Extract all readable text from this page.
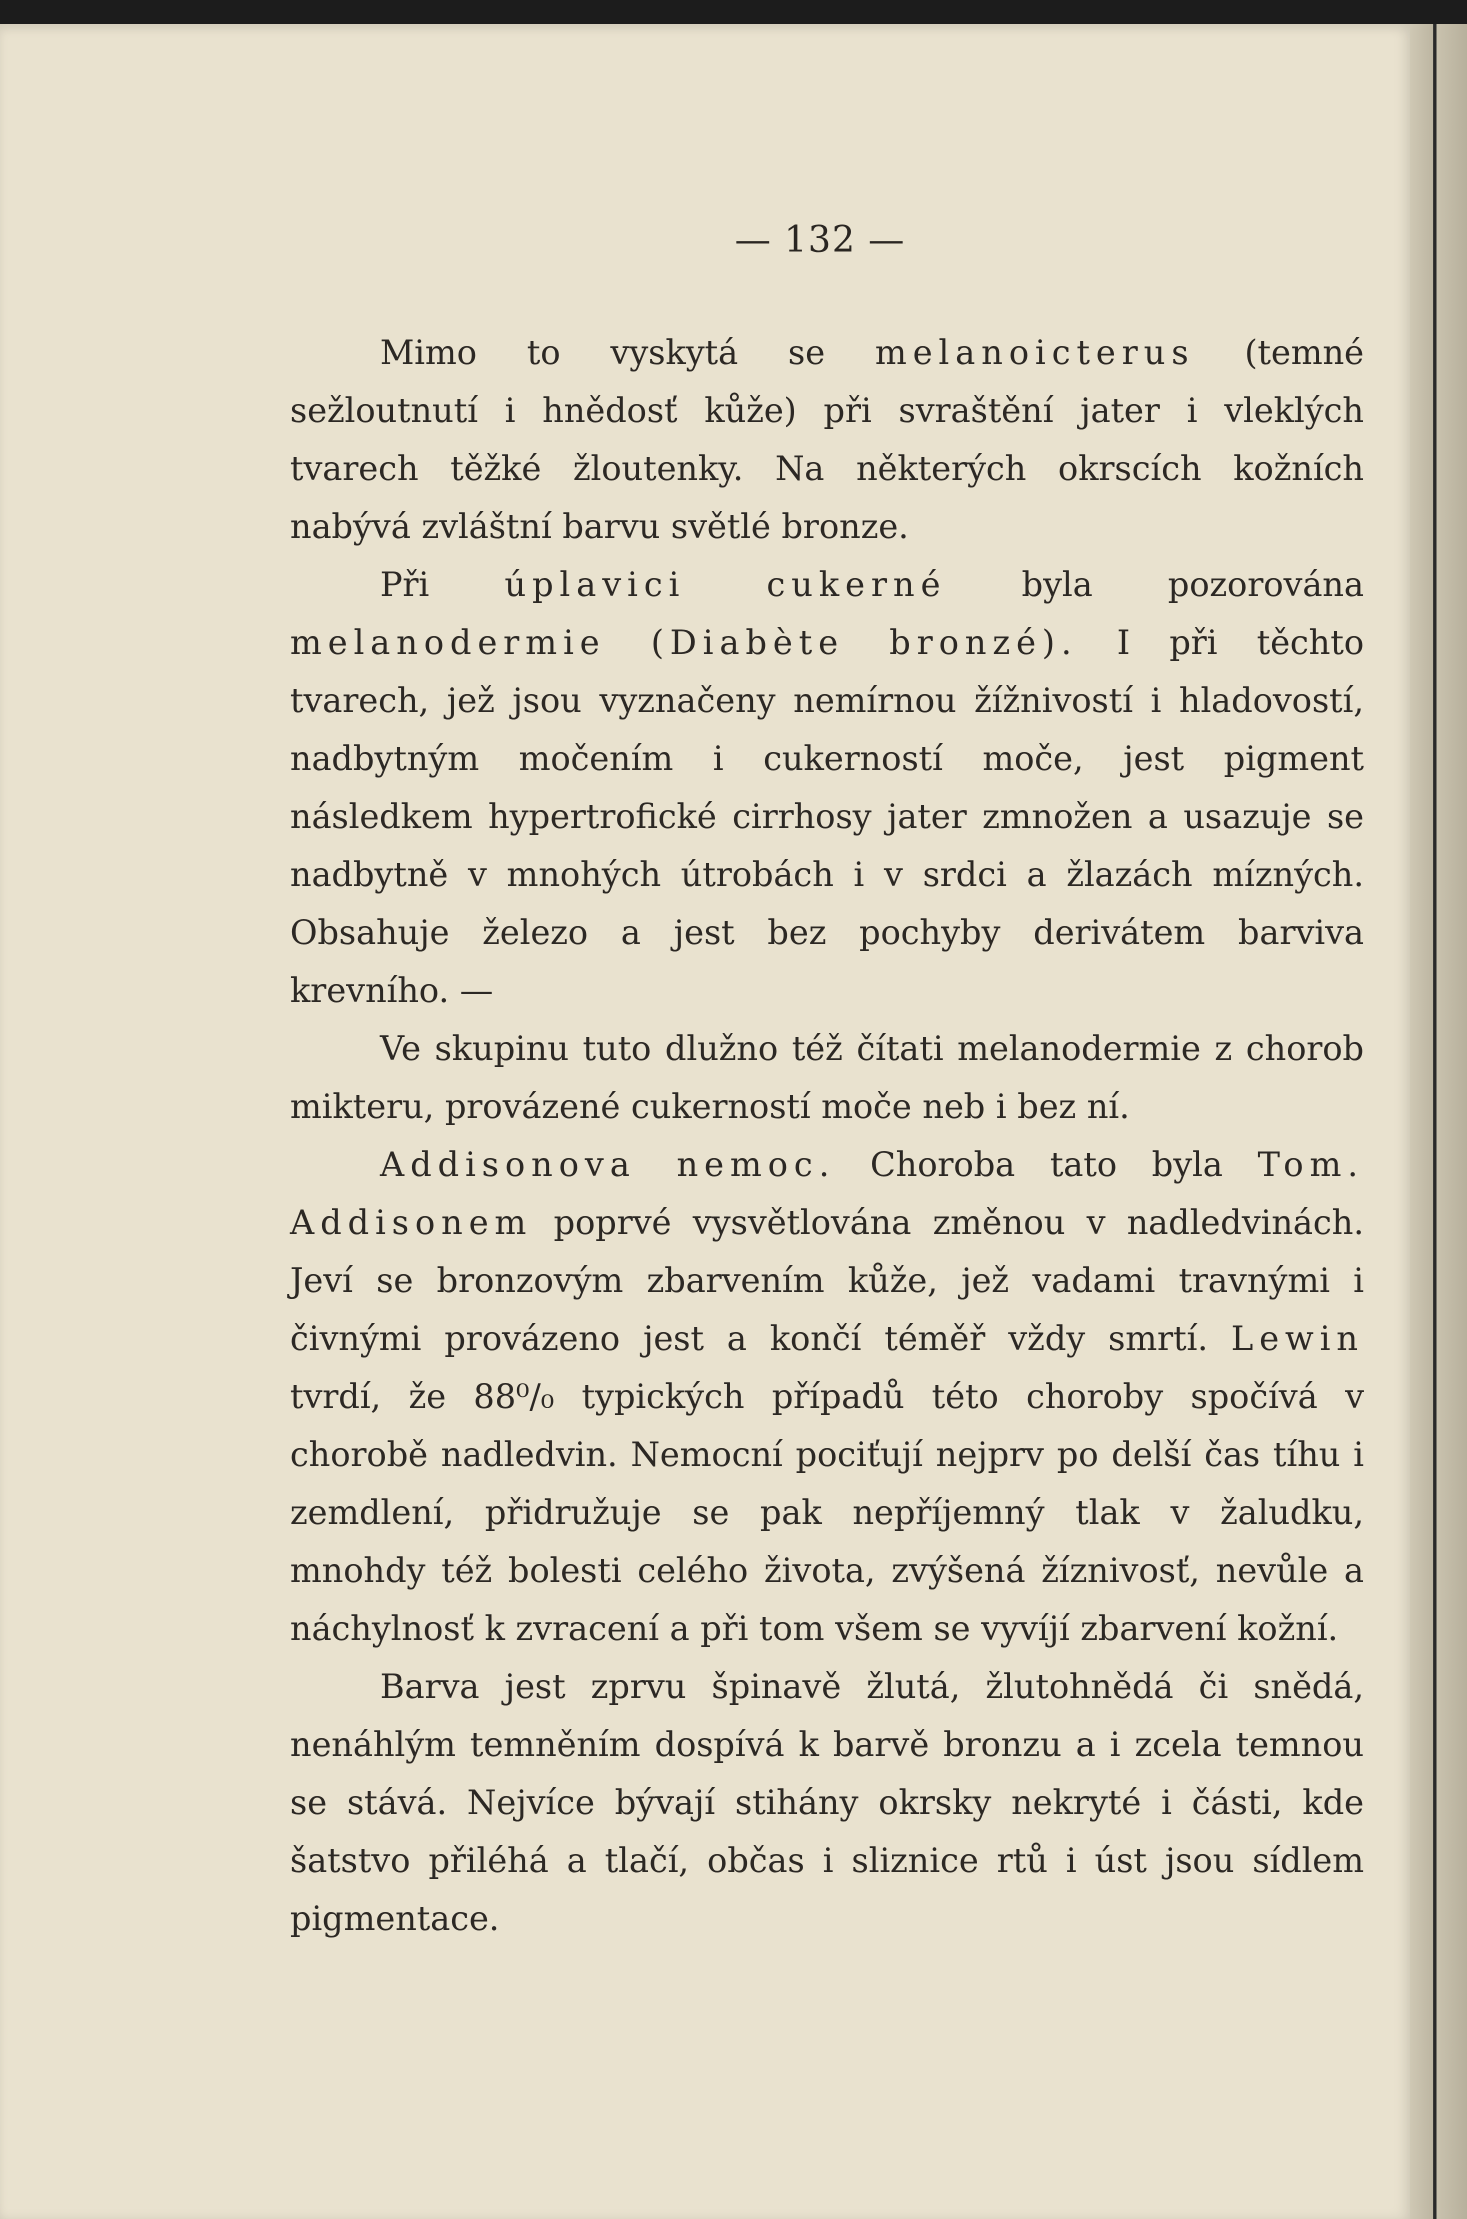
— 132 —

Mimo to vyskytá se melanoicterus (temné sežloutnutí i hnědosť kůže) při svraštění jater i vleklých tvarech těžké žloutenky. Na některých okrscích kožních nabývá zvláštní barvu světlé bronze.

Při úplavici cukerné byla pozorována melanodermie (Diabète bronzé). I při těchto tvarech, jež jsou vyznačeny nemírnou žížnivostí i hladovostí, nadbytným močením i cukerností moče, jest pigment následkem hypertrofické cirrhosy jater zmnožen a usazuje se nadbytně v mnohých útrobách i v srdci a žlazách mízných. Obsahuje železo a jest bez pochyby derivátem barviva krevního. —

Ve skupinu tuto dlužno též čítati melanodermie z chorob mikteru, provázené cukerností moče neb i bez ní.

Addisonova nemoc. Choroba tato byla Tom. Addisonem poprvé vysvětlována změnou v nadledvinách. Jeví se bronzovým zbarvením kůže, jež vadami travnými i čivnými provázeno jest a končí téměř vždy smrtí. Lewin tvrdí, že 88⁰/₀ typických případů této choroby spočívá v chorobě nadledvin. Nemocní pociťují nejprv po delší čas tíhu i zemdlení, přidružuje se pak nepříjemný tlak v žaludku, mnohdy též bolesti celého života, zvýšená žíznivosť, nevůle a náchylnosť k zvracení a při tom všem se vyvíjí zbarvení kožní.

Barva jest zprvu špinavě žlutá, žlutohnědá či snědá, nenáhlým temněním dospívá k barvě bronzu a i zcela temnou se stává. Nejvíce bývají stihány okrsky nekryté i části, kde šatstvo přiléhá a tlačí, občas i sliznice rtů i úst jsou sídlem pigmentace.
